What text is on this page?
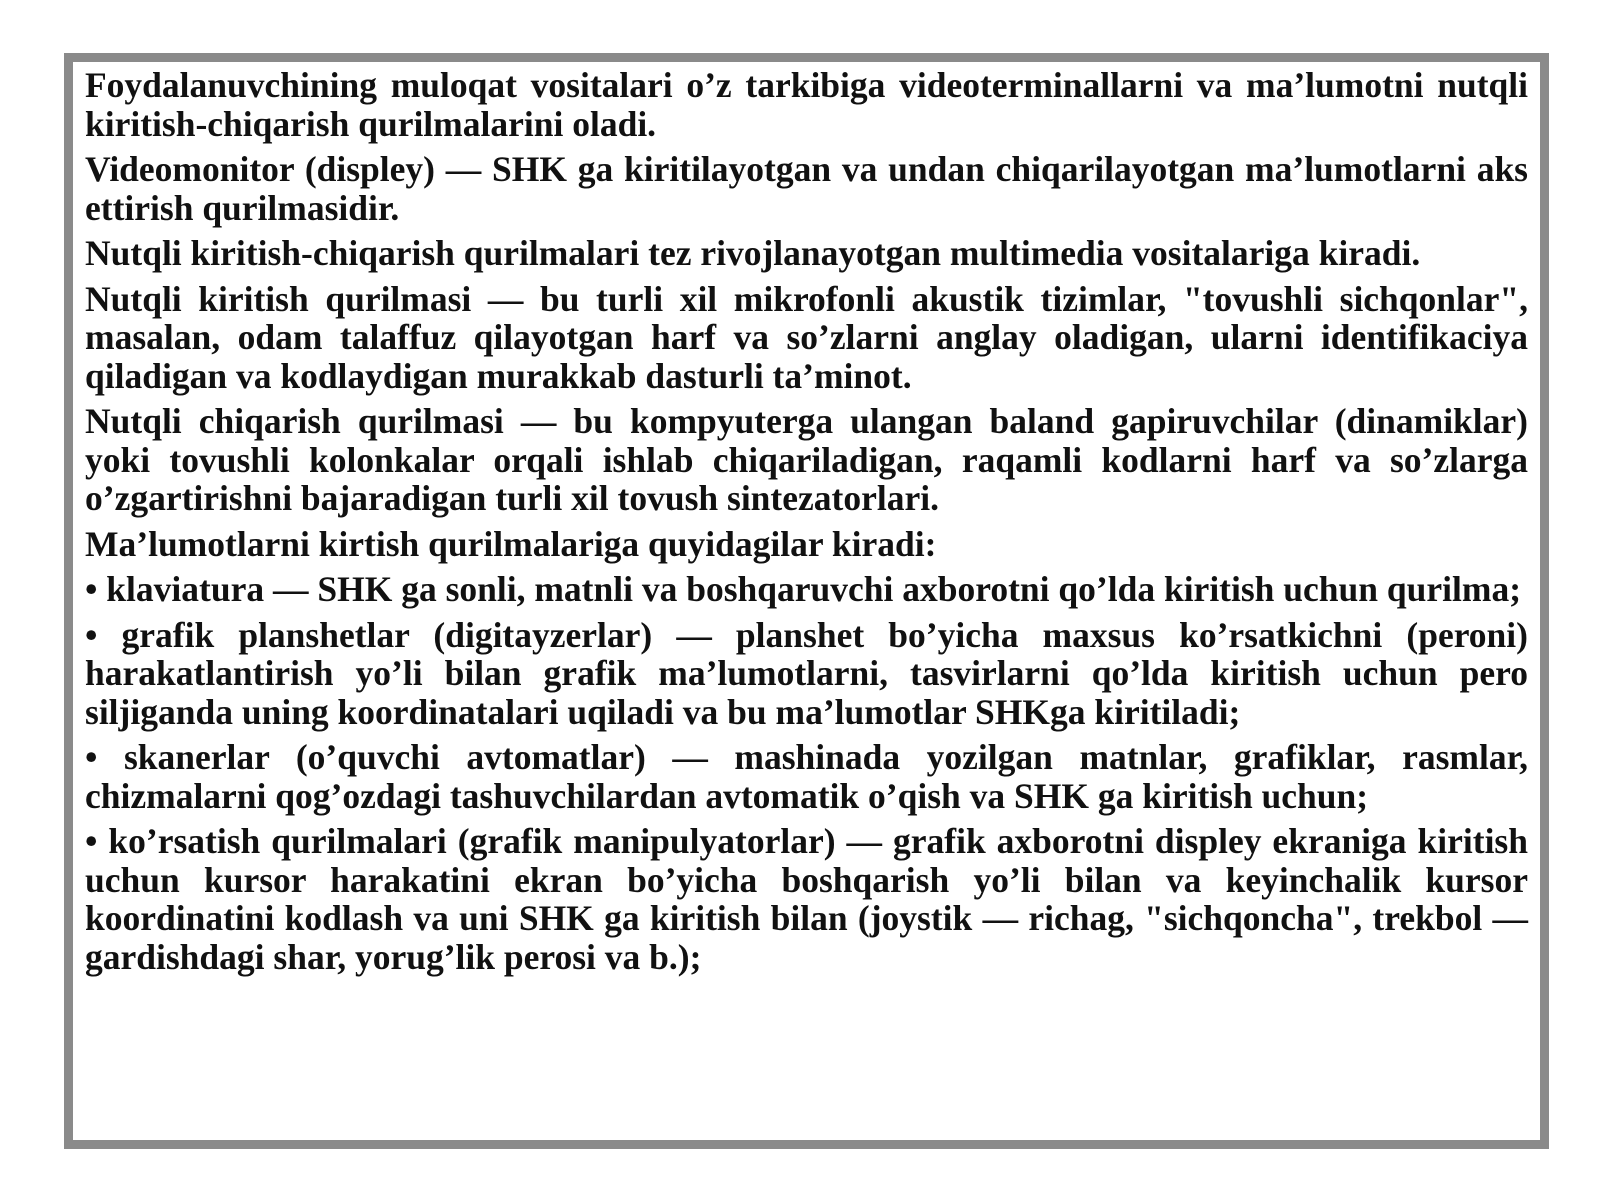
Foydalanuvchining muloqat vositalari o’z tarkibiga videoterminallarni va ma’lumotni nutqli kiritish-chiqarish qurilmalarini oladi.

Videomonitor (displey) — SHK ga kiritilayotgan va undan chiqarilayotgan ma’lumotlarni aks ettirish qurilmasidir.

Nutqli kiritish-chiqarish qurilmalari tez rivojlanayotgan multimedia vositalariga kiradi.

Nutqli kiritish qurilmasi — bu turli xil mikrofonli akustik tizimlar, "tovushli sichqonlar", masalan, odam talaffuz qilayotgan harf va so’zlarni anglay oladigan, ularni identifikaciya qiladigan va kodlaydigan murakkab dasturli ta’minot.

Nutqli chiqarish qurilmasi — bu kompyuterga ulangan baland gapiruvchilar (dinamiklar) yoki tovushli kolonkalar orqali ishlab chiqariladigan, raqamli kodlarni harf va so’zlarga o’zgartirishni bajaradigan turli xil tovush sintezatorlari.

Ma’lumotlarni kirtish qurilmalariga quyidagilar kiradi:

• klaviatura — SHK ga sonli, matnli va boshqaruvchi axborotni qo’lda kiritish uchun qurilma;

• grafik planshetlar (digitayzerlar) — planshet bo’yicha maxsus ko’rsatkichni (peroni) harakatlantirish yo’li bilan grafik ma’lumotlarni, tasvirlarni qo’lda kiritish uchun pero siljiganda uning koordinatalari uqiladi va bu ma’lumotlar SHKga kiritiladi;

• skanerlar (o’quvchi avtomatlar) — mashinada yozilgan matnlar, grafiklar, rasmlar, chizmalarni qog’ozdagi tashuvchilardan avtomatik o’qish va SHK ga kiritish uchun;

• ko’rsatish qurilmalari (grafik manipulyatorlar) — grafik axborotni displey ekraniga kiritish uchun kursor harakatini ekran bo’yicha boshqarish yo’li bilan va keyinchalik kursor koordinatini kodlash va uni SHK ga kiritish bilan (joystik — richag, "sichqoncha", trekbol — gardishdagi shar, yorug’lik perosi va b.);
